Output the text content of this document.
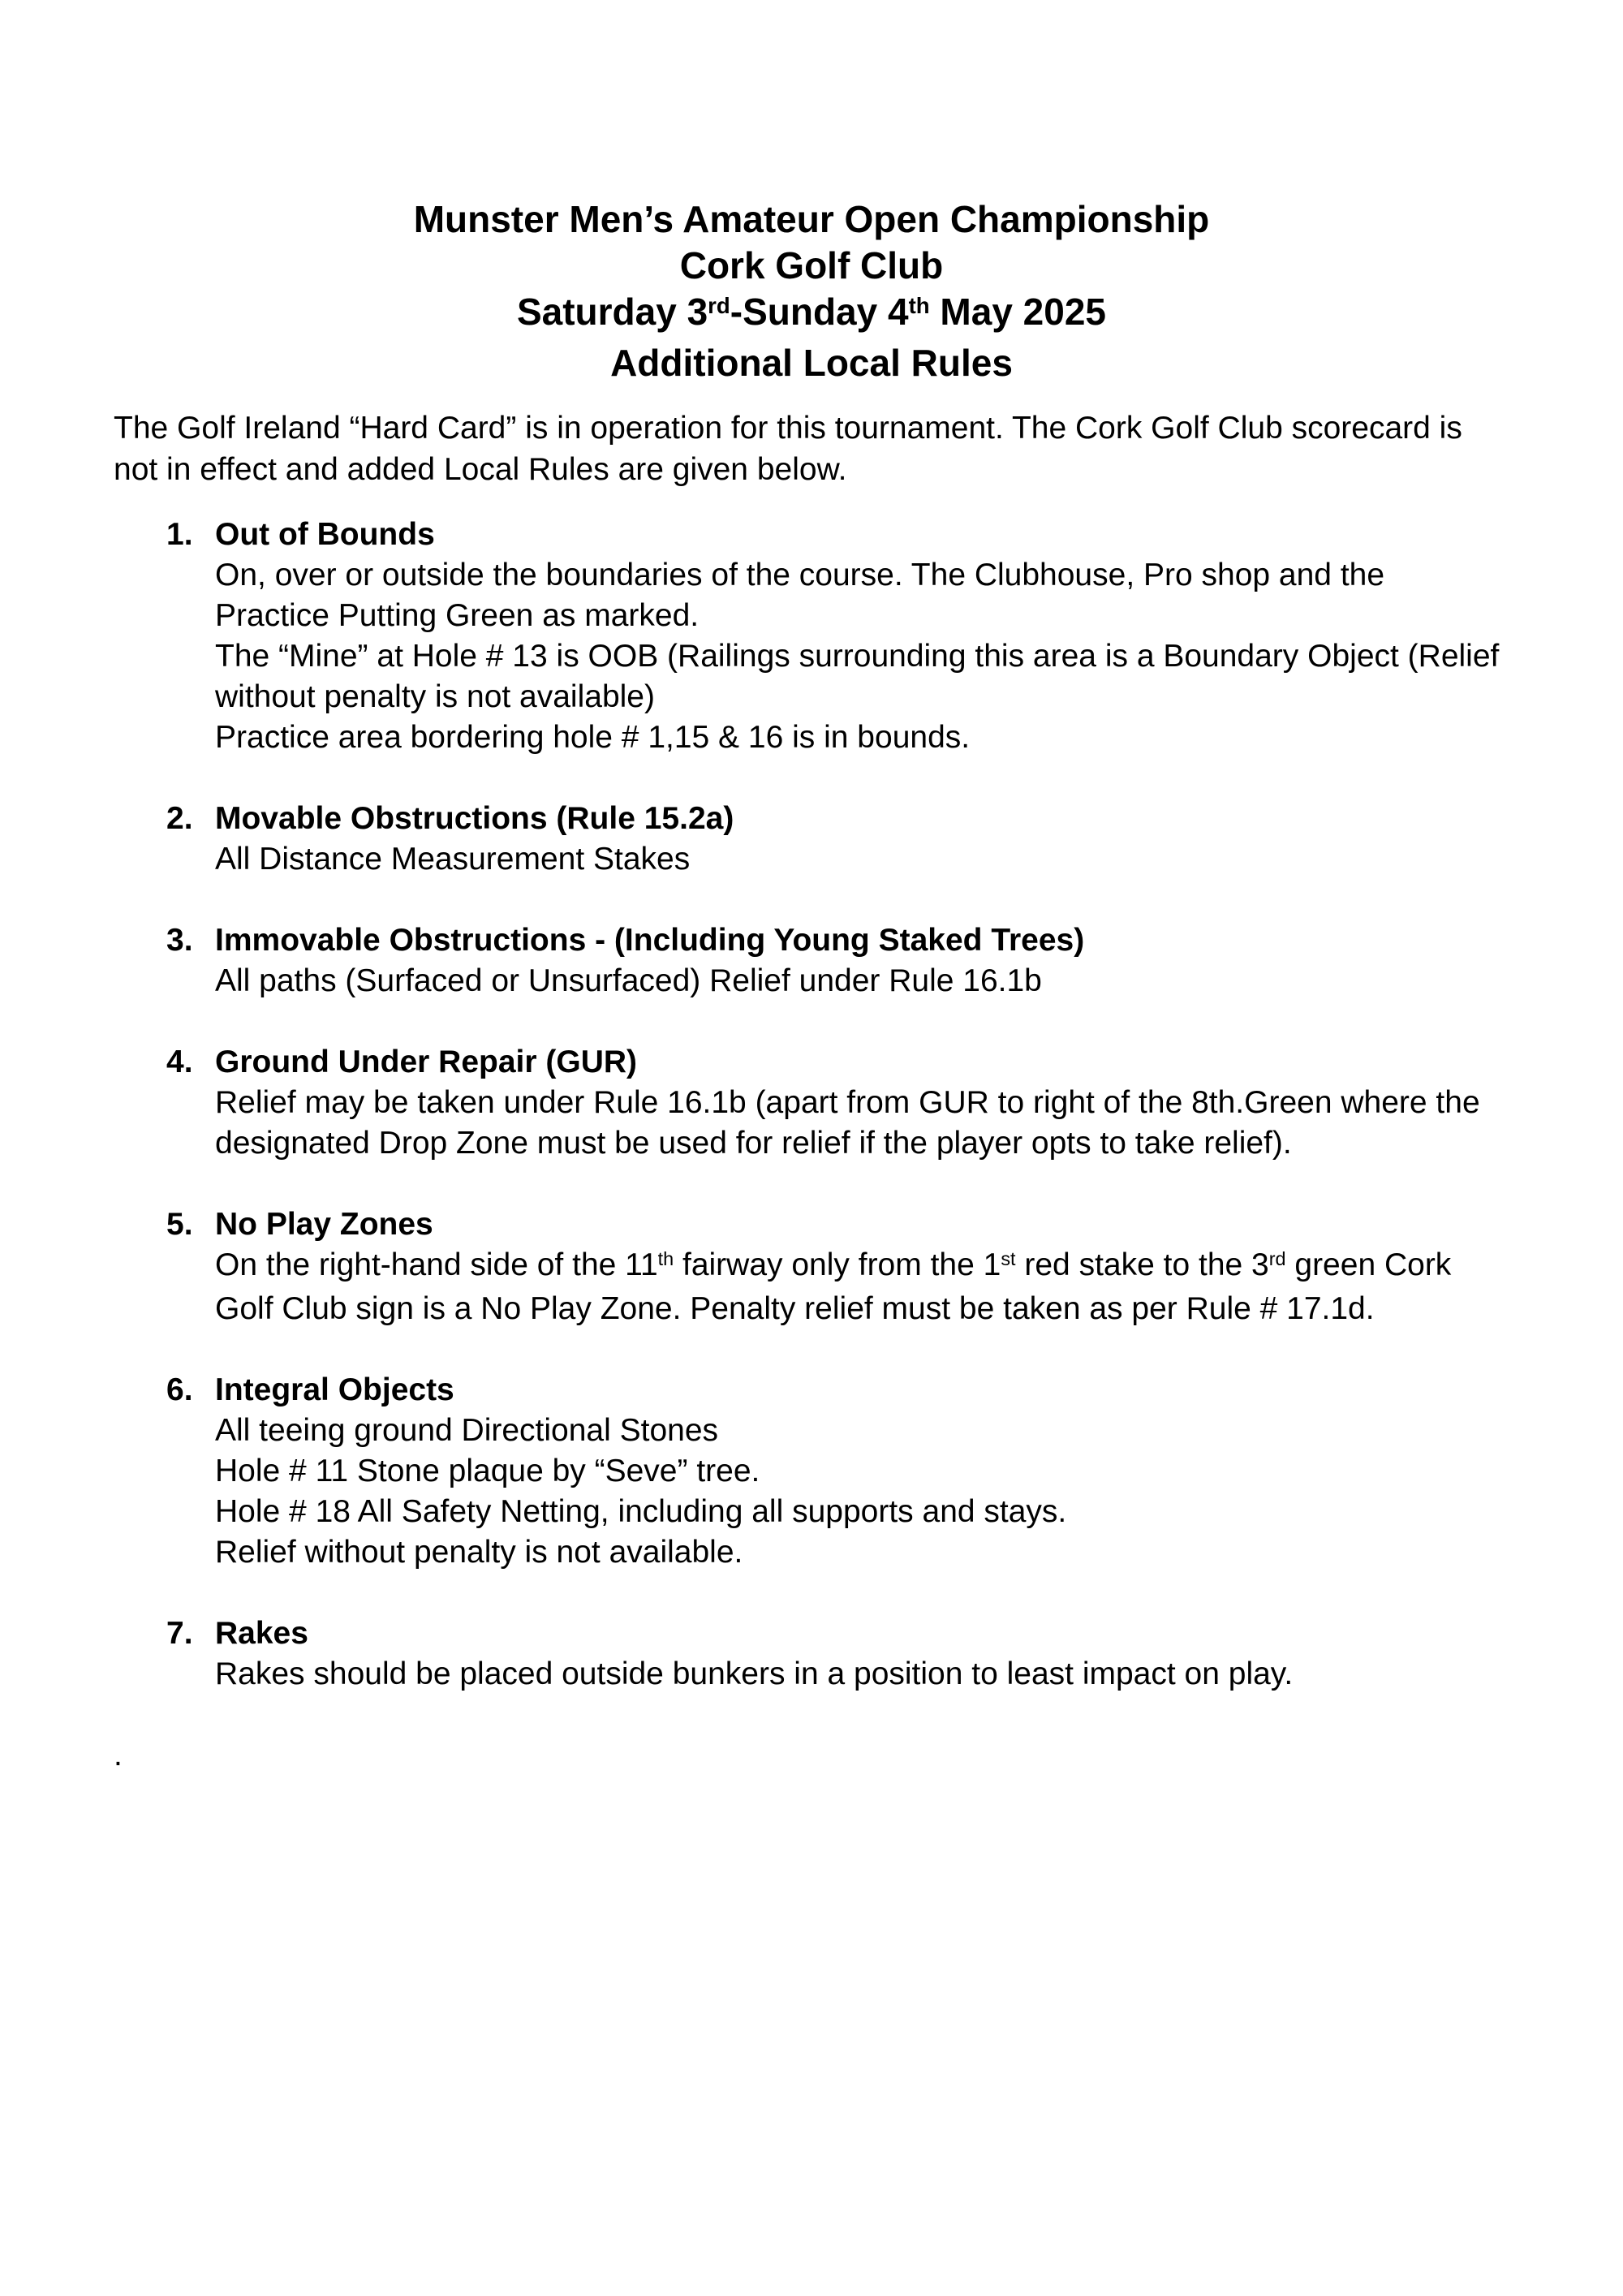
Munster Men’s Amateur Open Championship
Cork Golf Club
Saturday 3rd-Sunday 4th May 2025
Additional Local Rules
The Golf Ireland “Hard Card” is in operation for this tournament. The Cork Golf Club scorecard is
not in effect and added Local Rules are given below.
1. Out of Bounds
On, over or outside the boundaries of the course. The Clubhouse, Pro shop and the
Practice Putting Green as marked.
The “Mine” at Hole # 13 is OOB (Railings surrounding this area is a Boundary Object (Relief
without penalty is not available)
Practice area bordering hole # 1,15 & 16 is in bounds.
2. Movable Obstructions (Rule 15.2a)
All Distance Measurement Stakes
3. Immovable Obstructions - (Including Young Staked Trees)
All paths (Surfaced or Unsurfaced) Relief under Rule 16.1b
4. Ground Under Repair (GUR)
Relief may be taken under Rule 16.1b (apart from GUR to right of the 8th.Green where the
designated Drop Zone must be used for relief if the player opts to take relief).
5. No Play Zones
On the right-hand side of the 11th fairway only from the 1st red stake to the 3rd green Cork
Golf Club sign is a No Play Zone. Penalty relief must be taken as per Rule # 17.1d.
6. Integral Objects
All teeing ground Directional Stones
Hole # 11 Stone plaque by “Seve” tree.
Hole # 18 All Safety Netting, including all supports and stays.
Relief without penalty is not available.
7. Rakes
Rakes should be placed outside bunkers in a position to least impact on play.
.
